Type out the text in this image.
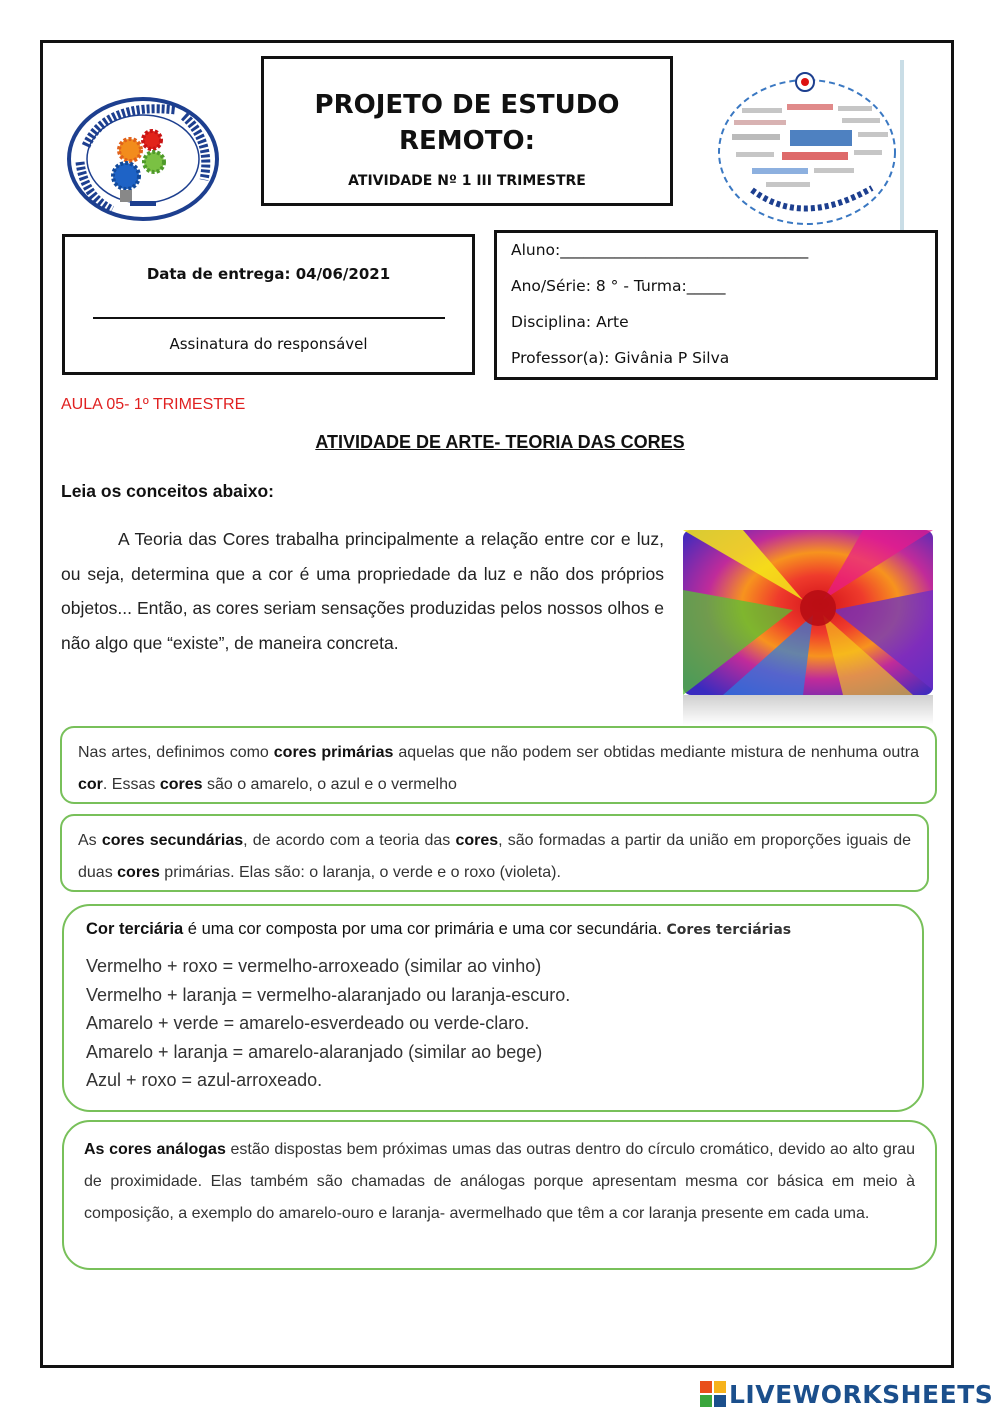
PROJETO DE ESTUDO
REMOTO:
ATIVIDADE Nº 1 III TRIMESTRE
Data de entrega: 04/06/2021
Assinatura do responsável
Aluno:________________________________
Ano/Série: 8 ° - Turma:_____
Disciplina: Arte
Professor(a): Givânia P Silva
AULA 05- 1º TRIMESTRE
ATIVIDADE DE ARTE- TEORIA DAS CORES
Leia os conceitos abaixo:
A Teoria das Cores trabalha principalmente a relação entre cor e luz, ou seja, determina que a cor é uma propriedade da luz e não dos próprios objetos... Então, as cores seriam sensações produzidas pelos nossos olhos e não algo que “existe”, de maneira concreta.
Nas artes, definimos como cores primárias aquelas que não podem ser obtidas mediante mistura de nenhuma outra cor. Essas cores são o amarelo, o azul e o vermelho
As cores secundárias, de acordo com a teoria das cores, são formadas a partir da união em proporções iguais de duas cores primárias. Elas são: o laranja, o verde e o roxo (violeta).
Cor terciária é uma cor composta por uma cor primária e uma cor secundária. Cores terciárias
Vermelho + roxo = vermelho-arroxeado (similar ao vinho)
Vermelho + laranja = vermelho-alaranjado ou laranja-escuro.
Amarelo + verde = amarelo-esverdeado ou verde-claro.
Amarelo + laranja = amarelo-alaranjado (similar ao bege)
Azul + roxo = azul-arroxeado.
As cores análogas estão dispostas bem próximas umas das outras dentro do círculo cromático, devido ao alto grau de proximidade. Elas também são chamadas de análogas porque apresentam mesma cor básica em meio à composição, a exemplo do amarelo-ouro e laranja- avermelhado que têm a cor laranja presente em cada uma.
LIVEWORKSHEETS
